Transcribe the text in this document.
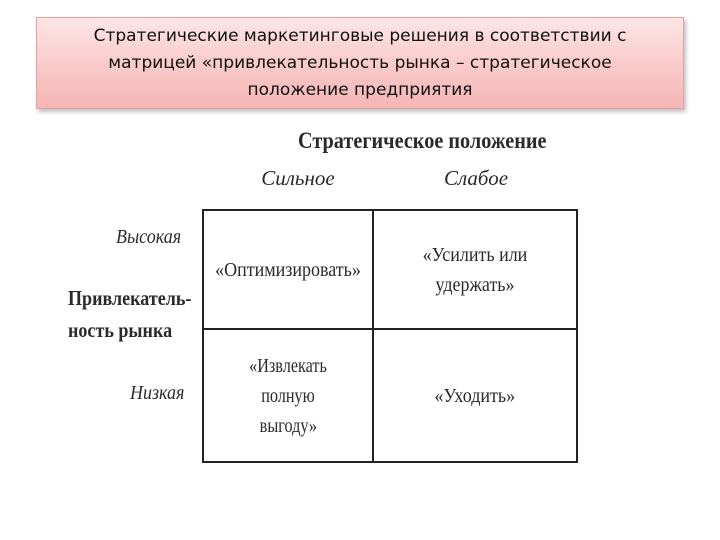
Стратегические маркетинговые решения в соответствии с
матрицей «привлекательность рынка – стратегическое
положение предприятия

Стратегическое положение
Сильное	Слабое
Высокая
Привлекатель-
ность рынка
Низкая
«Оптимизировать»
«Усилить или удержать»
«Извлекать полную
выгоду»
«Уходить»
